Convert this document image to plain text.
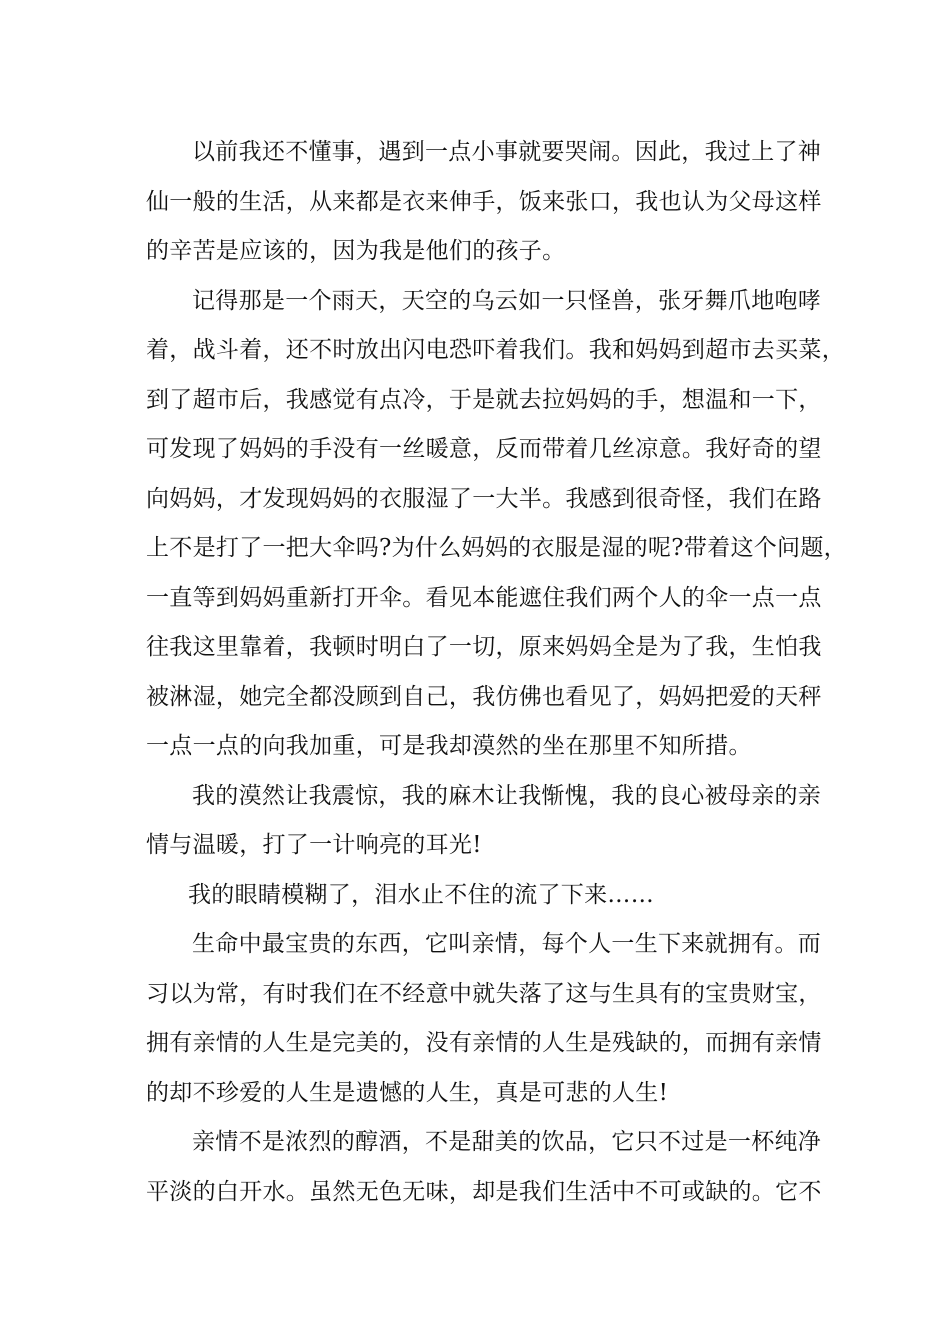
以前我还不懂事，遇到一点小事就要哭闹。因此，我过上了神
仙一般的生活，从来都是衣来伸手，饭来张口，我也认为父母这样
的辛苦是应该的，因为我是他们的孩子。
记得那是一个雨天，天空的乌云如一只怪兽，张牙舞爪地咆哮
着，战斗着，还不时放出闪电恐吓着我们。我和妈妈到超市去买菜，
到了超市后，我感觉有点冷，于是就去拉妈妈的手，想温和一下，
可发现了妈妈的手没有一丝暖意，反而带着几丝凉意。我好奇的望
向妈妈，才发现妈妈的衣服湿了一大半。我感到很奇怪，我们在路
上不是打了一把大伞吗?为什么妈妈的衣服是湿的呢?带着这个问题，
一直等到妈妈重新打开伞。看见本能遮住我们两个人的伞一点一点
往我这里靠着，我顿时明白了一切，原来妈妈全是为了我，生怕我
被淋湿，她完全都没顾到自己，我仿佛也看见了，妈妈把爱的天秤
一点一点的向我加重，可是我却漠然的坐在那里不知所措。
我的漠然让我震惊，我的麻木让我惭愧，我的良心被母亲的亲
情与温暖，打了一计响亮的耳光!
我的眼睛模糊了，泪水止不住的流了下来……
生命中最宝贵的东西，它叫亲情，每个人一生下来就拥有。而
习以为常，有时我们在不经意中就失落了这与生具有的宝贵财宝，
拥有亲情的人生是完美的，没有亲情的人生是残缺的，而拥有亲情
的却不珍爱的人生是遗憾的人生，真是可悲的人生!
亲情不是浓烈的醇酒，不是甜美的饮品，它只不过是一杯纯净
平淡的白开水。虽然无色无味，却是我们生活中不可或缺的。它不
